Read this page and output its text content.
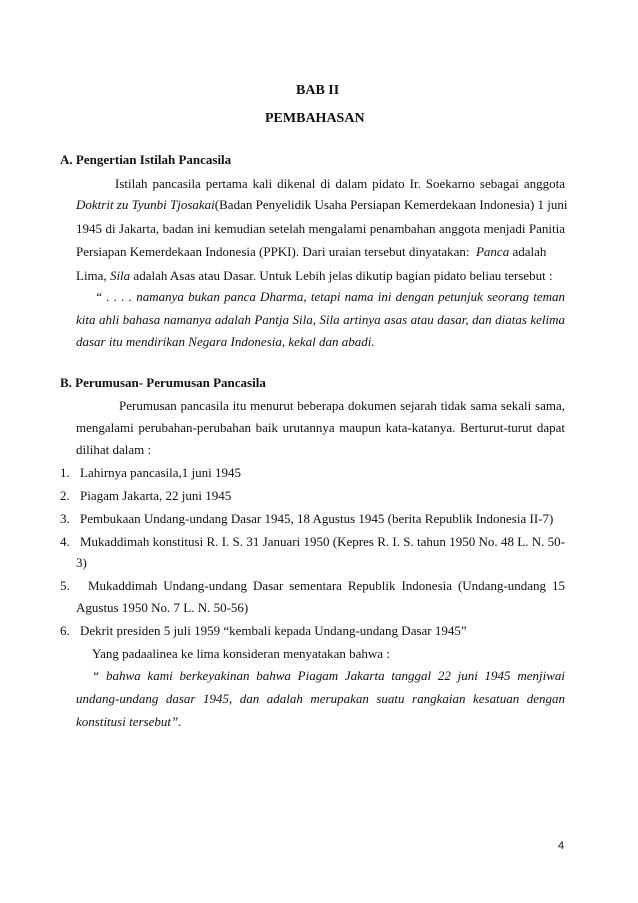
BAB II

PEMBAHASAN

A. Pengertian Istilah Pancasila

Istilah pancasila pertama kali dikenal di dalam pidato Ir. Soekarno sebagai anggota

Doktrit zu Tyunbi Tjosakai(Badan Penyelidik Usaha Persiapan Kemerdekaan Indonesia) 1 juni

1945 di Jakarta, badan ini kemudian setelah mengalami penambahan anggota menjadi Panitia

Persiapan Kemerdekaan Indonesia (PPKI). Dari uraian tersebut dinyatakan: Panca adalah

Lima, Sila adalah Asas atau Dasar. Untuk Lebih jelas dikutip bagian pidato beliau tersebut :

“ . . . . namanya bukan panca Dharma, tetapi nama ini dengan petunjuk seorang teman

kita ahli bahasa namanya adalah Pantja Sila, Sila artinya asas atau dasar, dan diatas kelima

dasar itu mendirikan Negara Indonesia, kekal dan abadi.

B. Perumusan- Perumusan Pancasila

Perumusan pancasila itu menurut beberapa dokumen sejarah tidak sama sekali sama,

mengalami perubahan-perubahan baik urutannya maupun kata-katanya. Berturut-turut dapat

dilihat dalam :

1. Lahirnya pancasila,1 juni 1945

2. Piagam Jakarta, 22 juni 1945

3. Pembukaan Undang-undang Dasar 1945, 18 Agustus 1945 (berita Republik Indonesia II-7)

4. Mukaddimah konstitusi R. I. S. 31 Januari 1950 (Kepres R. I. S. tahun 1950 No. 48 L. N. 50-

3)

5. Mukaddimah Undang-undang Dasar sementara Republik Indonesia (Undang-undang 15

Agustus 1950 No. 7 L. N. 50-56)

6. Dekrit presiden 5 juli 1959 “kembali kepada Undang-undang Dasar 1945”

Yang padaalinea ke lima konsideran menyatakan bahwa :

“ bahwa kami berkeyakinan bahwa Piagam Jakarta tanggal 22 juni 1945 menjiwai

undang-undang dasar 1945, dan adalah merupakan suatu rangkaian kesatuan dengan

konstitusi tersebut”.

4
